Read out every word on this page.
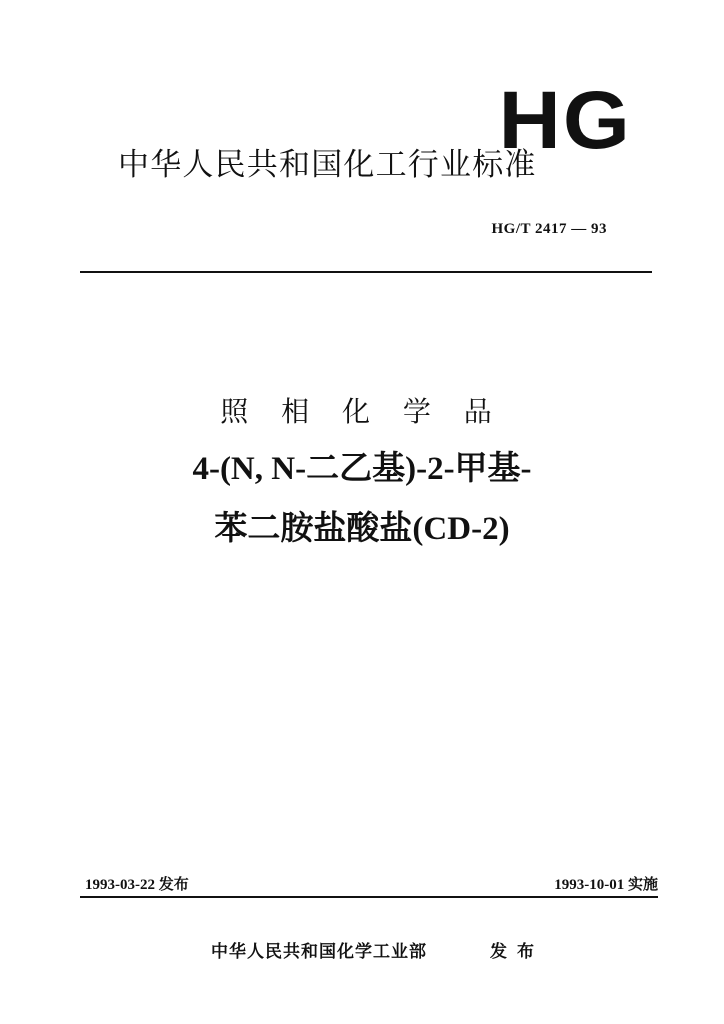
HG
中华人民共和国化工行业标准
HG/T 2417 — 93
照 相 化 学 品
4-(N, N-二乙基)-2-甲基-
苯二胺盐酸盐(CD-2)
1993-03-22 发布	1993-10-01 实施
中华人民共和国化学工业部	发布
